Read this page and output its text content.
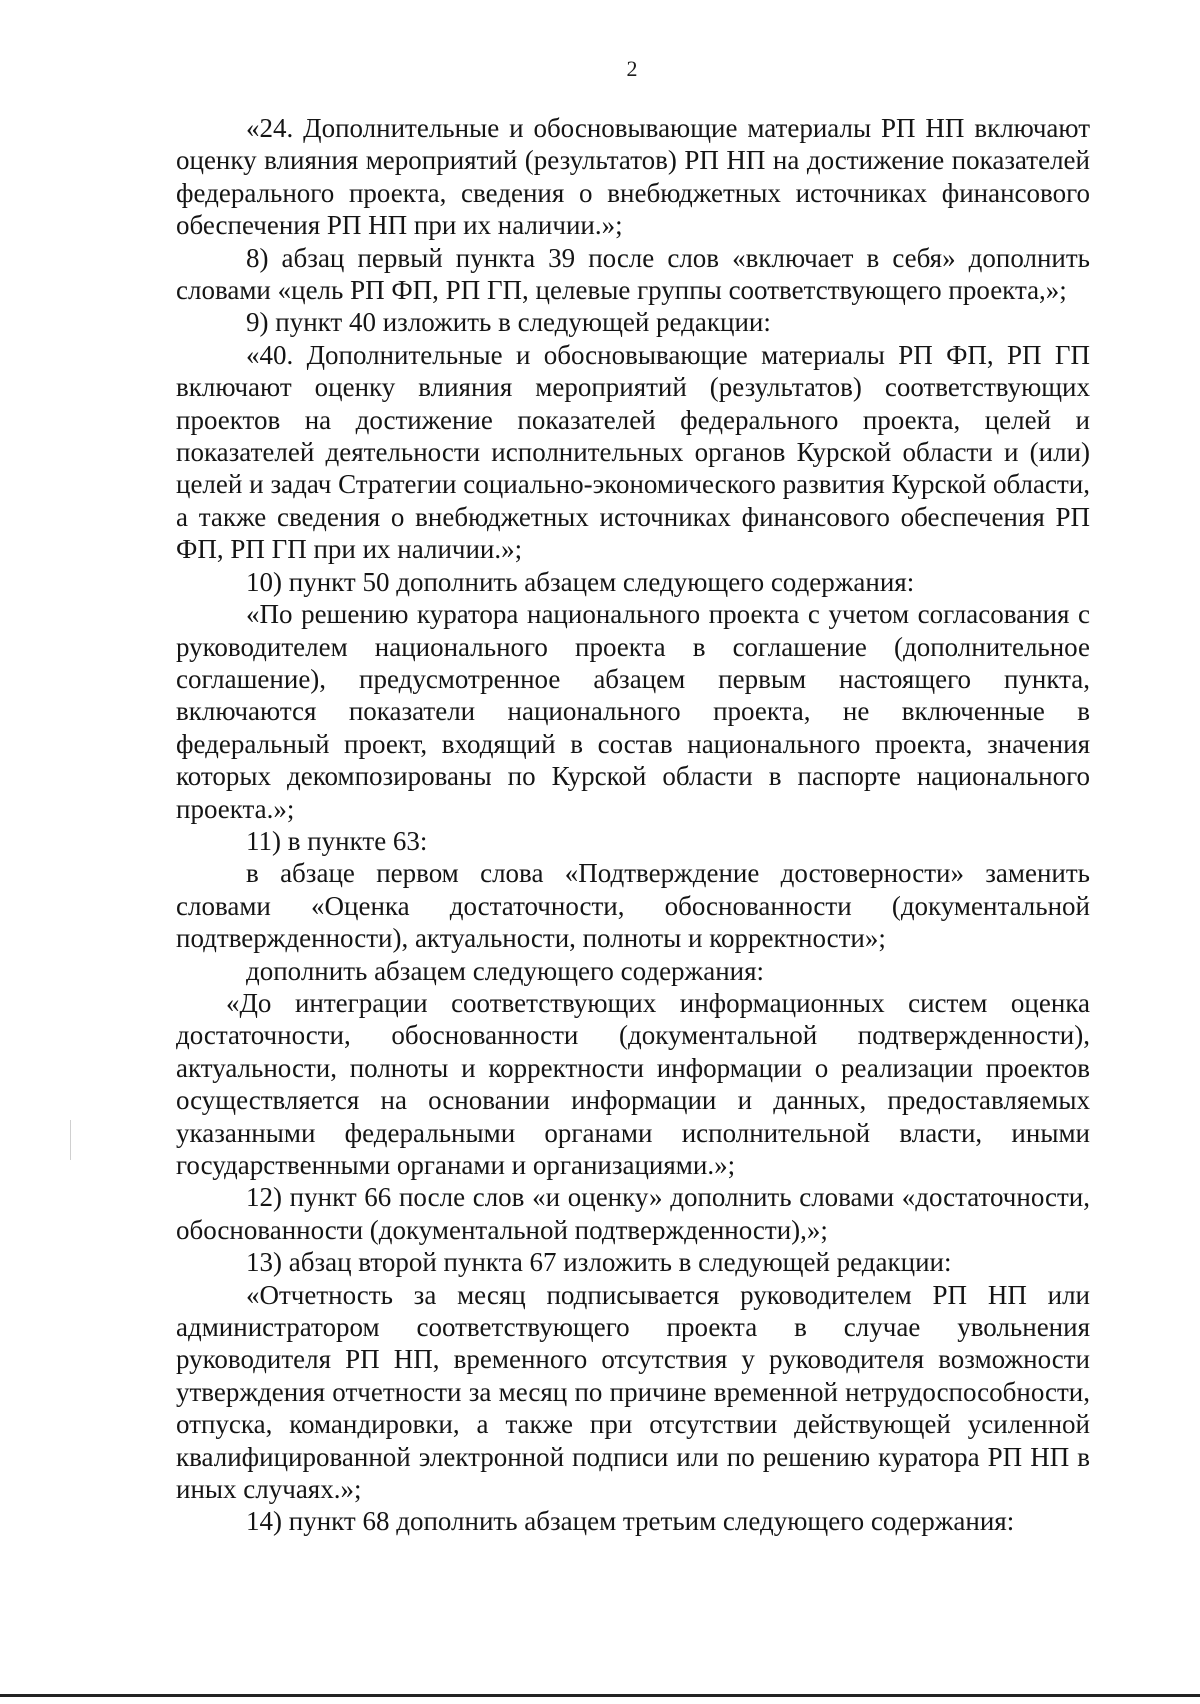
2

«24. Дополнительные и обосновывающие материалы РП НП включают оценку влияния мероприятий (результатов) РП НП на достижение показателей федерального проекта, сведения о внебюджетных источниках финансового обеспечения РП НП при их наличии.»;

8) абзац первый пункта 39 после слов «включает в себя» дополнить словами «цель РП ФП, РП ГП, целевые группы соответствующего проекта,»;

9) пункт 40 изложить в следующей редакции:

«40. Дополнительные и обосновывающие материалы РП ФП, РП ГП включают оценку влияния мероприятий (результатов) соответствующих проектов на достижение показателей федерального проекта, целей и показателей деятельности исполнительных органов Курской области и (или) целей и задач Стратегии социально-экономического развития Курской области, а также сведения о внебюджетных источниках финансового обеспечения РП ФП, РП ГП при их наличии.»;

10) пункт 50 дополнить абзацем следующего содержания:

«По решению куратора национального проекта с учетом согласования с руководителем национального проекта в соглашение (дополнительное соглашение), предусмотренное абзацем первым настоящего пункта, включаются показатели национального проекта, не включенные в федеральный проект, входящий в состав национального проекта, значения которых декомпозированы по Курской области в паспорте национального проекта.»;

11) в пункте 63:

в абзаце первом слова «Подтверждение достоверности» заменить словами «Оценка достаточности, обоснованности (документальной подтвержденности), актуальности, полноты и корректности»;

дополнить абзацем следующего содержания:

«До интеграции соответствующих информационных систем оценка достаточности, обоснованности (документальной подтвержденности), актуальности, полноты и корректности информации о реализации проектов осуществляется на основании информации и данных, предоставляемых указанными федеральными органами исполнительной власти, иными государственными органами и организациями.»;

12) пункт 66 после слов «и оценку» дополнить словами «достаточности, обоснованности (документальной подтвержденности),»;

13) абзац второй пункта 67 изложить в следующей редакции:

«Отчетность за месяц подписывается руководителем РП НП или администратором соответствующего проекта в случае увольнения руководителя РП НП, временного отсутствия у руководителя возможности утверждения отчетности за месяц по причине временной нетрудоспособности, отпуска, командировки, а также при отсутствии действующей усиленной квалифицированной электронной подписи или по решению куратора РП НП в иных случаях.»;

14) пункт 68 дополнить абзацем третьим следующего содержания:
